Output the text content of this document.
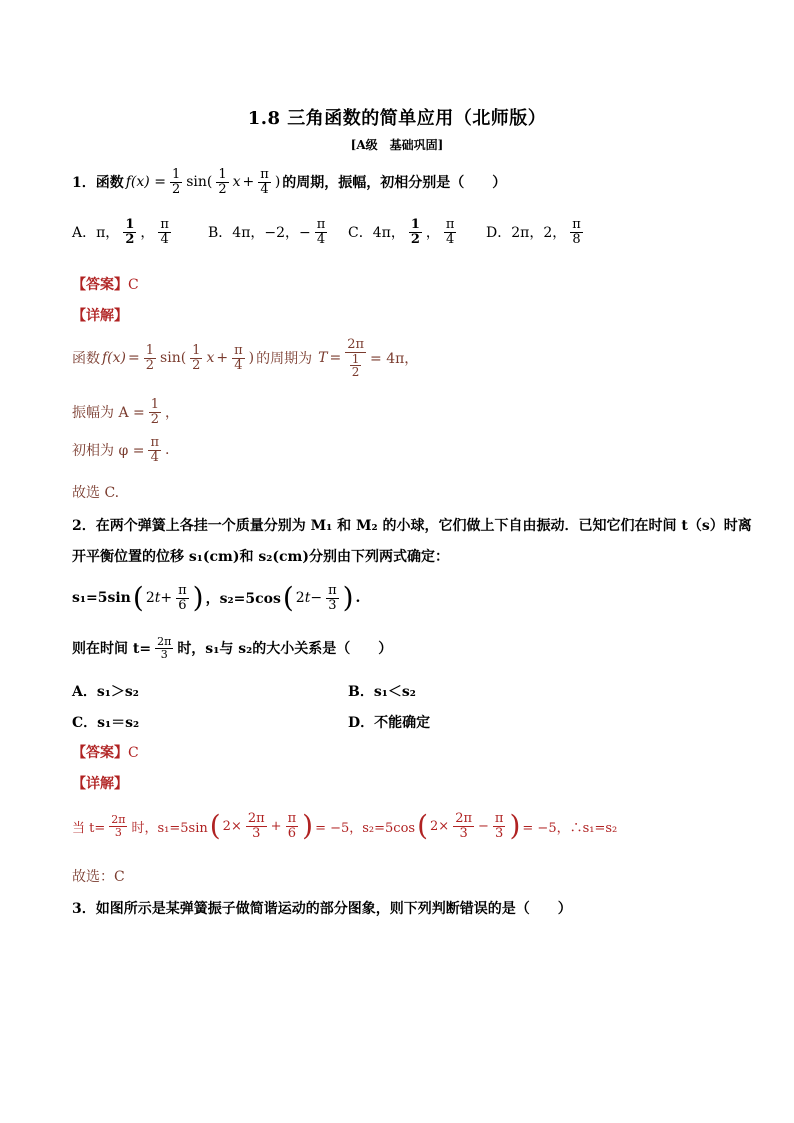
1.8 三角函数的简单应用（北师版）
[A级　基础巩固]
1．函数 $f(x) = \frac{1}{2} \sin( \frac{1}{2}$ $x + \frac{\pi}{4}$ ) 的周期，振幅，初相分别是（　　）
A．π， $\frac{1}{2}$ ， $\frac{\pi}{4}$	B．4π，−2，− $\frac{\pi}{4}$ C．4π， $\frac{1}{2}$ ， $\frac{\pi}{4}$ D．2π，2， $\frac{\pi}{8}$
【答案】C
【详解】
函数 $f(x) = \frac{1}{2} \sin( \frac{1}{2}$ $x + \frac{\pi}{4}$ ) 的周期为 $T = \frac{2\pi}{\frac{1}{2}} = 4\pi$，
振幅为 $A = \frac{1}{2}$ ，
初相为 $\varphi = \frac{\pi}{4}$ .
故选 C.
2．在两个弹簧上各挂一个质量分别为 M₁ 和 M₂ 的小球，它们做上下自由振动．已知它们在时间 t（s）时离
开平衡位置的位移 s₁(cm)和 s₂(cm)分别由下列两式确定：
s₁=5sin ( $2t+ \frac{\pi}{6}$ ) ，s₂=5cos ( $2t- \frac{\pi}{3}$ ) .
则在时间 $t= \frac{2\pi}{3}$ 时，s₁与 s₂的大小关系是（　　）
A．s₁＞s₂	B．s₁＜s₂
C．s₁＝s₂	D．不能确定
【答案】C
【详解】
当 $t= \frac{2\pi}{3}$ 时，s₁=5sin ( $2\times \frac{2\pi}{3} + \frac{\pi}{6}$ ) = −5，s₂=5cos ( $2\times \frac{2\pi}{3} - \frac{\pi}{3}$ ) = −5，∴s₁=s₂
故选：C
3．如图所示是某弹簧振子做简谐运动的部分图象，则下列判断错误的是（　　）
